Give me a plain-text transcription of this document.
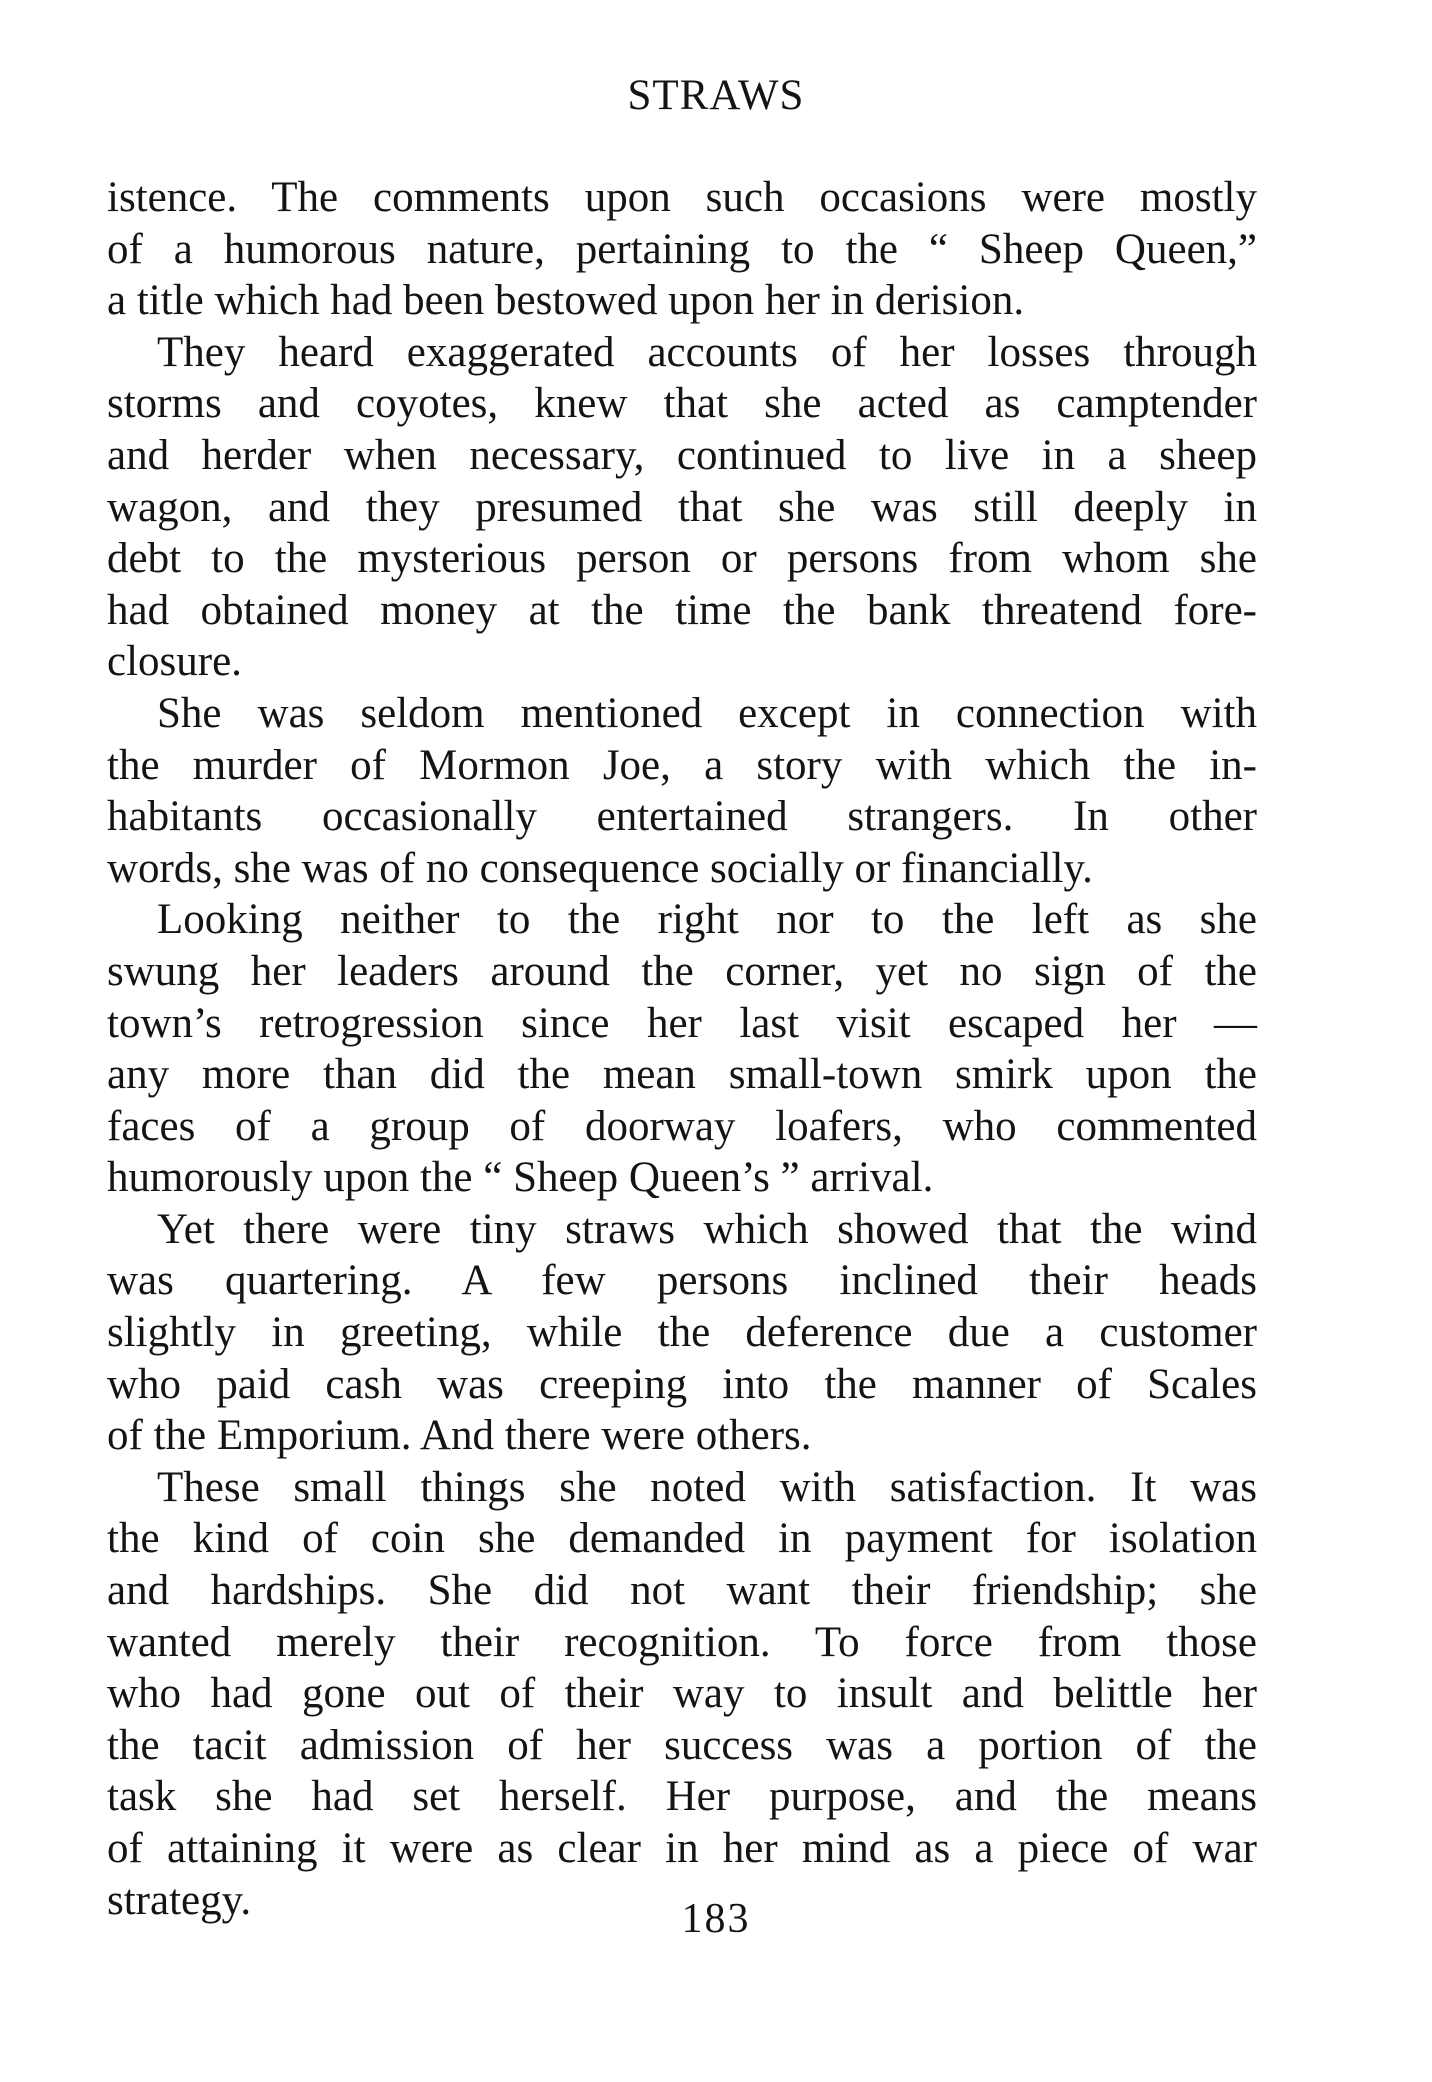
STRAWS
istence. The comments upon such occasions were mostly
of a humorous nature, pertaining to the “ Sheep Queen,”
a title which had been bestowed upon her in derision.
They heard exaggerated accounts of her losses through
storms and coyotes, knew that she acted as camptender
and herder when necessary, continued to live in a sheep
wagon, and they presumed that she was still deeply in
debt to the mysterious person or persons from whom she
had obtained money at the time the bank threatend fore-
closure.
She was seldom mentioned except in connection with
the murder of Mormon Joe, a story with which the in-
habitants occasionally entertained strangers. In other
words, she was of no consequence socially or financially.
Looking neither to the right nor to the left as she
swung her leaders around the corner, yet no sign of the
town’s retrogression since her last visit escaped her —
any more than did the mean small-town smirk upon the
faces of a group of doorway loafers, who commented
humorously upon the “ Sheep Queen’s ” arrival.
Yet there were tiny straws which showed that the wind
was quartering. A few persons inclined their heads
slightly in greeting, while the deference due a customer
who paid cash was creeping into the manner of Scales
of the Emporium. And there were others.
These small things she noted with satisfaction. It was
the kind of coin she demanded in payment for isolation
and hardships. She did not want their friendship; she
wanted merely their recognition. To force from those
who had gone out of their way to insult and belittle her
the tacit admission of her success was a portion of the
task she had set herself. Her purpose, and the means
of attaining it were as clear in her mind as a piece of war
strategy.	183
